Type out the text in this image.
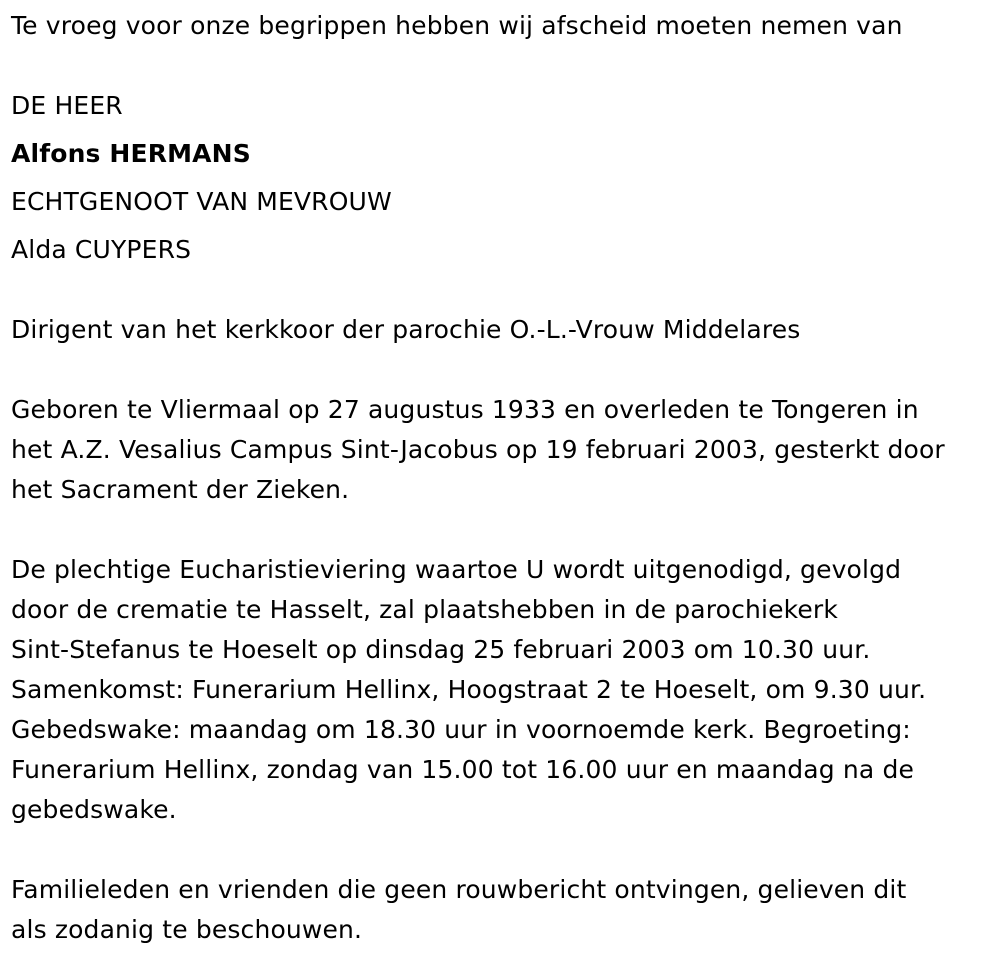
Te vroeg voor onze begrippen hebben wij afscheid moeten nemen van
DE HEER
Alfons HERMANS
ECHTGENOOT VAN MEVROUW
Alda CUYPERS
Dirigent van het kerkkoor der parochie O.-L.-Vrouw Middelares
Geboren te Vliermaal op 27 augustus 1933 en overleden te Tongeren in
het A.Z. Vesalius Campus Sint-Jacobus op 19 februari 2003, gesterkt door
het Sacrament der Zieken.
De plechtige Eucharistieviering waartoe U wordt uitgenodigd, gevolgd
door de crematie te Hasselt, zal plaatshebben in de parochiekerk
Sint-Stefanus te Hoeselt op dinsdag 25 februari 2003 om 10.30 uur.
Samenkomst: Funerarium Hellinx, Hoogstraat 2 te Hoeselt, om 9.30 uur.
Gebedswake: maandag om 18.30 uur in voornoemde kerk. Begroeting:
Funerarium Hellinx, zondag van 15.00 tot 16.00 uur en maandag na de
gebedswake.
Familieleden en vrienden die geen rouwbericht ontvingen, gelieven dit
als zodanig te beschouwen.
